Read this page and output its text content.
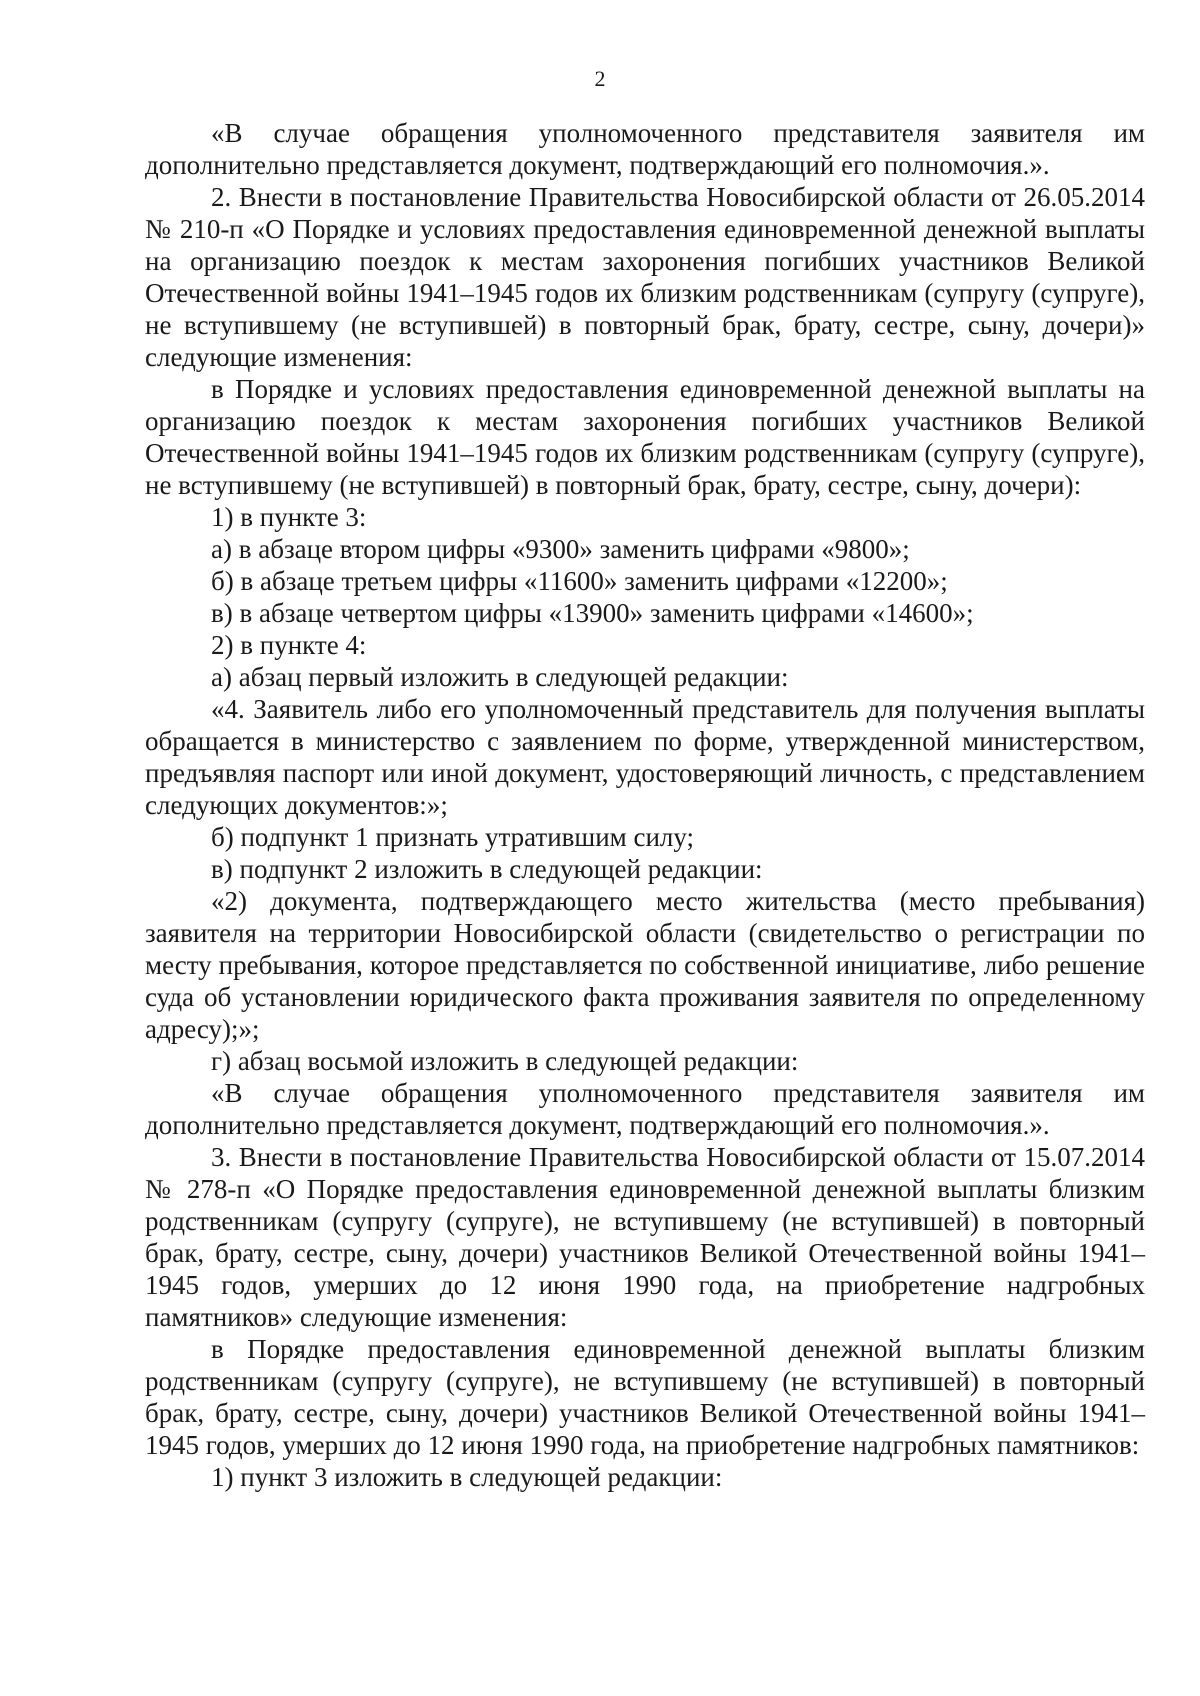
2

«В случае обращения уполномоченного представителя заявителя им дополнительно представляется документ, подтверждающий его полномочия.».

2. Внести в постановление Правительства Новосибирской области от 26.05.2014 № 210-п «О Порядке и условиях предоставления единовременной денежной выплаты на организацию поездок к местам захоронения погибших участников Великой Отечественной войны 1941–1945 годов их близким родственникам (супругу (супруге), не вступившему (не вступившей) в повторный брак, брату, сестре, сыну, дочери)» следующие изменения:

в Порядке и условиях предоставления единовременной денежной выплаты на организацию поездок к местам захоронения погибших участников Великой Отечественной войны 1941–1945 годов их близким родственникам (супругу (супруге), не вступившему (не вступившей) в повторный брак, брату, сестре, сыну, дочери):

1) в пункте 3:

а) в абзаце втором цифры «9300» заменить цифрами «9800»;

б) в абзаце третьем цифры «11600» заменить цифрами «12200»;

в) в абзаце четвертом цифры «13900» заменить цифрами «14600»;

2) в пункте 4:

а) абзац первый изложить в следующей редакции:

«4. Заявитель либо его уполномоченный представитель для получения выплаты обращается в министерство с заявлением по форме, утвержденной министерством, предъявляя паспорт или иной документ, удостоверяющий личность, с представлением следующих документов:»;

б) подпункт 1 признать утратившим силу;

в) подпункт 2 изложить в следующей редакции:

«2) документа, подтверждающего место жительства (место пребывания) заявителя на территории Новосибирской области (свидетельство о регистрации по месту пребывания, которое представляется по собственной инициативе, либо решение суда об установлении юридического факта проживания заявителя по определенному адресу);»;

г) абзац восьмой изложить в следующей редакции:

«В случае обращения уполномоченного представителя заявителя им дополнительно представляется документ, подтверждающий его полномочия.».

3. Внести в постановление Правительства Новосибирской области от 15.07.2014 № 278-п «О Порядке предоставления единовременной денежной выплаты близким родственникам (супругу (супруге), не вступившему (не вступившей) в повторный брак, брату, сестре, сыну, дочери) участников Великой Отечественной войны 1941–1945 годов, умерших до 12 июня 1990 года, на приобретение надгробных памятников» следующие изменения:

в Порядке предоставления единовременной денежной выплаты близким родственникам (супругу (супруге), не вступившему (не вступившей) в повторный брак, брату, сестре, сыну, дочери) участников Великой Отечественной войны 1941–1945 годов, умерших до 12 июня 1990 года, на приобретение надгробных памятников:

1) пункт 3 изложить в следующей редакции:
